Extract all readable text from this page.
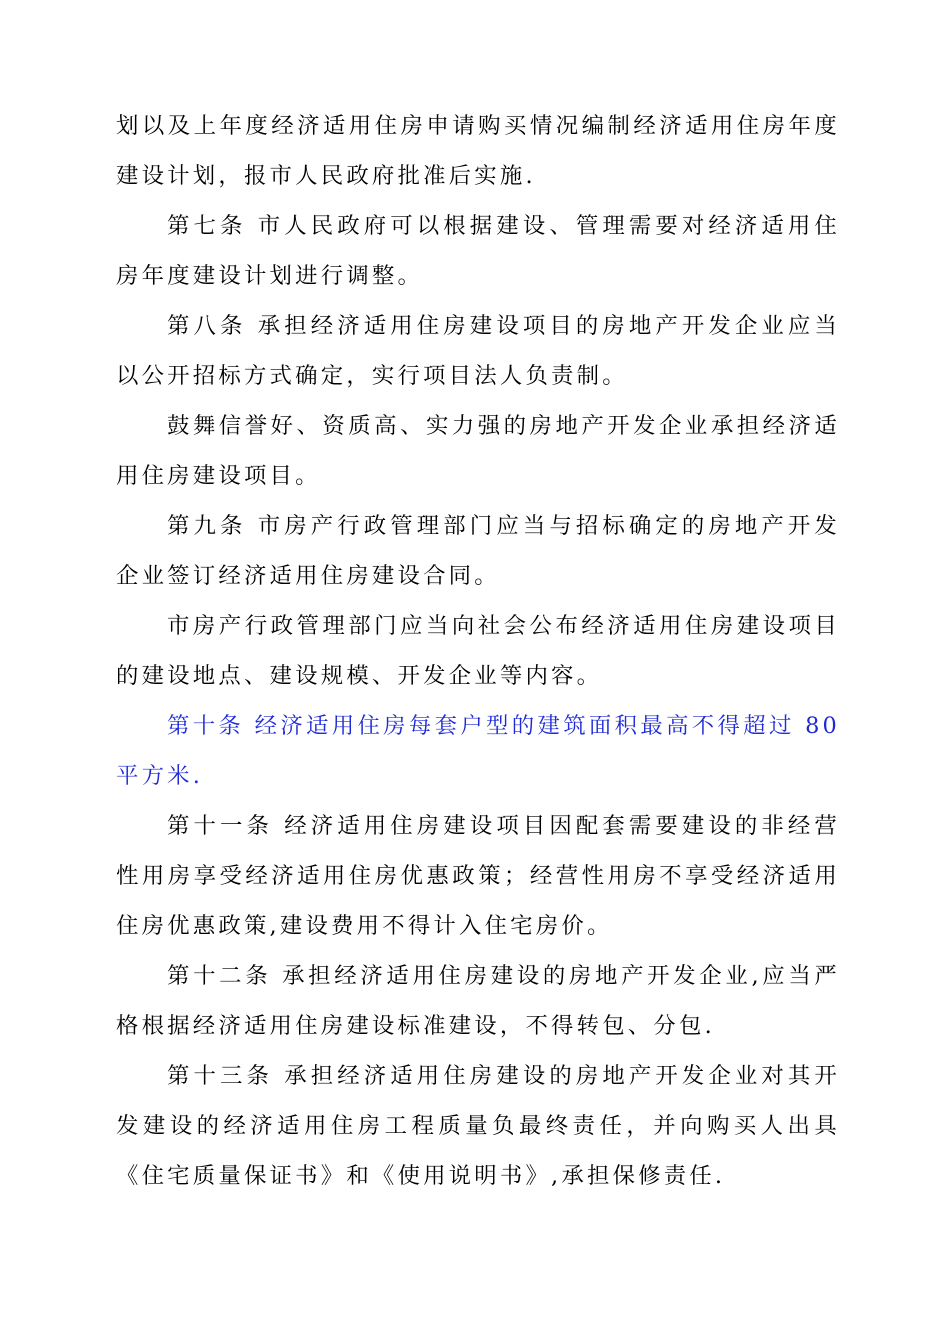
划以及上年度经济适用住房申请购买情况编制经济适用住房年度建设计划，报市人民政府批准后实施.

第七条 市人民政府可以根据建设、管理需要对经济适用住房年度建设计划进行调整。

第八条 承担经济适用住房建设项目的房地产开发企业应当以公开招标方式确定，实行项目法人负责制。

鼓舞信誉好、资质高、实力强的房地产开发企业承担经济适用住房建设项目。

第九条 市房产行政管理部门应当与招标确定的房地产开发企业签订经济适用住房建设合同。

市房产行政管理部门应当向社会公布经济适用住房建设项目的建设地点、建设规模、开发企业等内容。

第十条 经济适用住房每套户型的建筑面积最高不得超过 80 平方米.

第十一条 经济适用住房建设项目因配套需要建设的非经营性用房享受经济适用住房优惠政策；经营性用房不享受经济适用住房优惠政策,建设费用不得计入住宅房价。

第十二条 承担经济适用住房建设的房地产开发企业,应当严格根据经济适用住房建设标准建设，不得转包、分包.

第十三条 承担经济适用住房建设的房地产开发企业对其开发建设的经济适用住房工程质量负最终责任，并向购买人出具《住宅质量保证书》和《使用说明书》,承担保修责任.
